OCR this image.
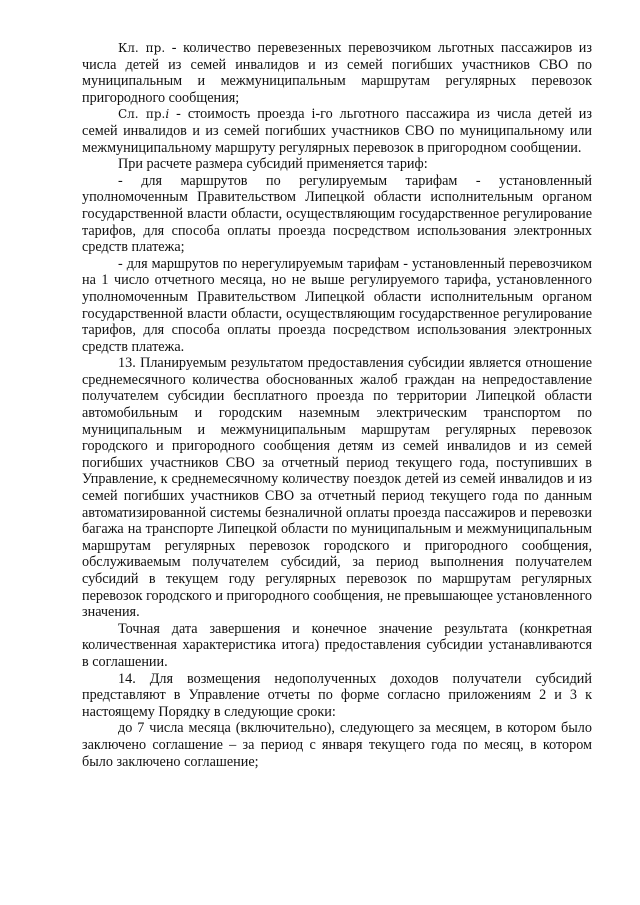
Кл. пр. - количество перевезенных перевозчиком льготных пассажиров из числа детей из семей инвалидов и из семей погибших участников СВО по муниципальным и межмуниципальным маршрутам регулярных перевозок пригородного сообщения;

Сл. пр.i - стоимость проезда i-го льготного пассажира из числа детей из семей инвалидов и из семей погибших участников СВО по муниципальному или межмуниципальному маршруту регулярных перевозок в пригородном сообщении.

При расчете размера субсидий применяется тариф:

- для маршрутов по регулируемым тарифам - установленный уполномоченным Правительством Липецкой области исполнительным органом государственной власти области, осуществляющим государственное регулирование тарифов, для способа оплаты проезда посредством использования электронных средств платежа;

- для маршрутов по нерегулируемым тарифам - установленный перевозчиком на 1 число отчетного месяца, но не выше регулируемого тарифа, установленного уполномоченным Правительством Липецкой области исполнительным органом государственной власти области, осуществляющим государственное регулирование тарифов, для способа оплаты проезда посредством использования электронных средств платежа.

13. Планируемым результатом предоставления субсидии является отношение среднемесячного количества обоснованных жалоб граждан на непредоставление получателем субсидии бесплатного проезда по территории Липецкой области автомобильным и городским наземным электрическим транспортом по муниципальным и межмуниципальным маршрутам регулярных перевозок городского и пригородного сообщения детям из семей инвалидов и из семей погибших участников СВО за отчетный период текущего года, поступивших в Управление, к среднемесячному количеству поездок детей из семей инвалидов и из семей погибших участников СВО за отчетный период текущего года по данным автоматизированной системы безналичной оплаты проезда пассажиров и перевозки багажа на транспорте Липецкой области по муниципальным и межмуниципальным маршрутам регулярных перевозок городского и пригородного сообщения, обслуживаемым получателем субсидий, за период выполнения получателем субсидий в текущем году регулярных перевозок по маршрутам регулярных перевозок городского и пригородного сообщения, не превышающее установленного значения.

Точная дата завершения и конечное значение результата (конкретная количественная характеристика итога) предоставления субсидии устанавливаются в соглашении.

14. Для возмещения недополученных доходов получатели субсидий представляют в Управление отчеты по форме согласно приложениям 2 и 3 к настоящему Порядку в следующие сроки:

до 7 числа месяца (включительно), следующего за месяцем, в котором было заключено соглашение – за период с января текущего года по месяц, в котором было заключено соглашение;
